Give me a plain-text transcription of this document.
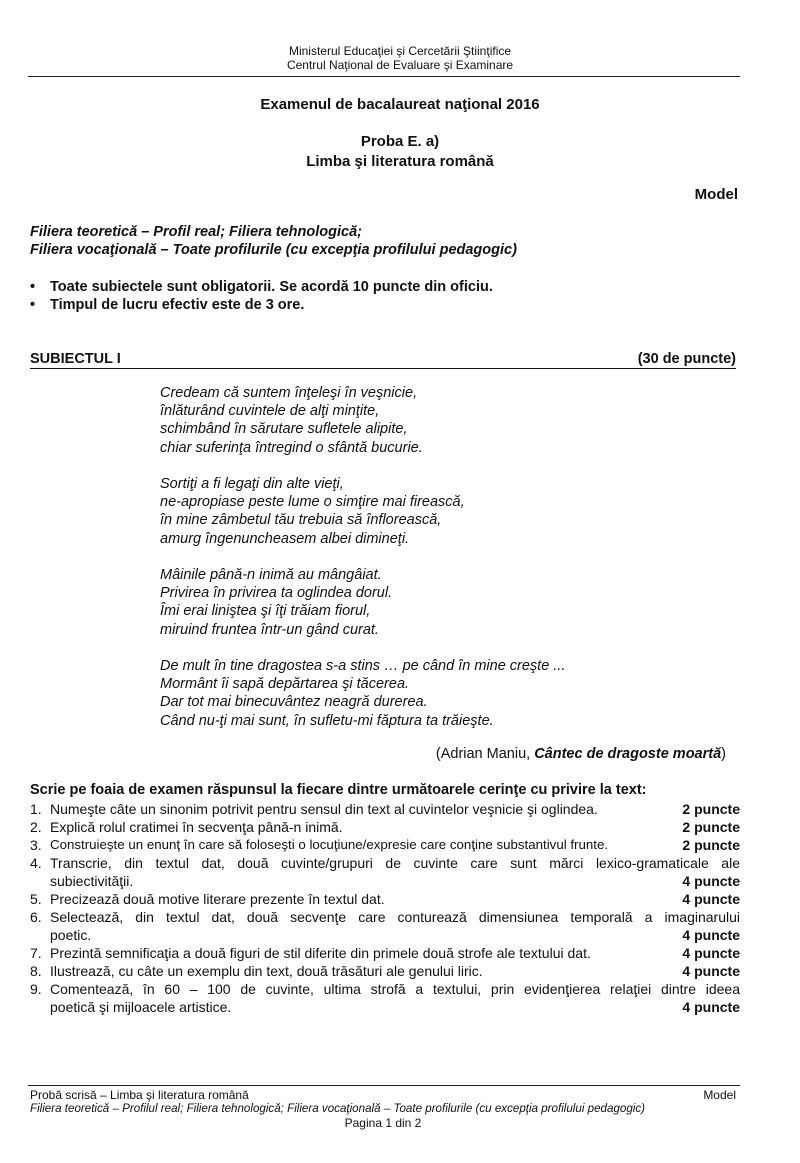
Ministerul Educaţiei şi Cercetării Ştiinţifice
Centrul Naţional de Evaluare şi Examinare
Examenul de bacalaureat naţional 2016
Proba E. a)
Limba şi literatura română
Model
Filiera teoretică – Profil real; Filiera tehnologică;
Filiera vocaţională – Toate profilurile (cu excepţia profilului pedagogic)
•	Toate subiectele sunt obligatorii. Se acordă 10 puncte din oficiu.
•	Timpul de lucru efectiv este de 3 ore.
SUBIECTUL I	(30 de puncte)
Credeam că suntem înţeleşi în veşnicie,
înlăturând cuvintele de alţi minţite,
schimbând în sărutare sufletele alipite,
chiar suferinţa întregind o sfântă bucurie.
Sortiţi a fi legaţi din alte vieţi,
ne-apropiase peste lume o simţire mai firească,
în mine zâmbetul tău trebuia să înflorească,
amurg îngenuncheasem albei dimineţi.
Mâinile până-n inimă au mângâiat.
Privirea în privirea ta oglindea dorul.
Îmi erai liniştea şi îţi trăiam fiorul,
miruind fruntea într-un gând curat.
De mult în tine dragostea s-a stins … pe când în mine creşte ...
Mormânt îi sapă depărtarea şi tăcerea.
Dar tot mai binecuvântez neagră durerea.
Când nu-ţi mai sunt, în sufletu-mi făptura ta trăieşte.
(Adrian Maniu, Cântec de dragoste moartă)
Scrie pe foaia de examen răspunsul la fiecare dintre următoarele cerinţe cu privire la text:
1. Numeşte câte un sinonim potrivit pentru sensul din text al cuvintelor veşnicie şi oglindea.	2 puncte
2. Explică rolul cratimei în secvenţa până-n inimă.	2 puncte
3. Construieşte un enunţ în care să foloseşti o locuţiune/expresie care conţine substantivul frunte.	2 puncte
4. Transcrie, din textul dat, două cuvinte/grupuri de cuvinte care sunt mărci lexico-gramaticale ale
subiectivităţii.	4 puncte
5. Precizează două motive literare prezente în textul dat.	4 puncte
6. Selectează, din textul dat, două secvenţe care conturează dimensiunea temporală a imaginarului
poetic.	4 puncte
7. Prezintă semnificaţia a două figuri de stil diferite din primele două strofe ale textului dat.	4 puncte
8. Ilustrează, cu câte un exemplu din text, două trăsături ale genului liric.	4 puncte
9. Comentează, în 60 – 100 de cuvinte, ultima strofă a textului, prin evidenţierea relaţiei dintre ideea
poetică şi mijloacele artistice.	4 puncte
Probă scrisă – Limba şi literatura română	Model
Filiera teoretică – Profilul real; Filiera tehnologică; Filiera vocaţională – Toate profilurile (cu excepţia profilului pedagogic)
Pagina 1 din 2
